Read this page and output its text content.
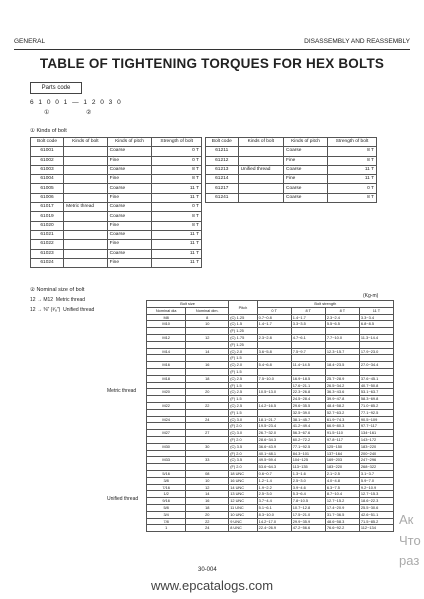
GENERAL	DISASSEMBLY AND REASSEMBLY
TABLE OF TIGHTENING TORQUES FOR HEX BOLTS
Parts code
6 1 0 0 1 — 1 2 0 3 0
①	②
① Kinds of bolt
Bolt code	Kinds of bolt	Kinds of pitch	Strength of bolt
61001		Coarse	0 T
61002		Fine	0 T
61003		Coarse	8 T
61004		Fine	8 T
61005		Coarse	11 T
61006		Fine	11 T
61017	Metric thread	Coarse	0 T
61019		Coarse	8 T
61020		Fine	8 T
61021		Coarse	11 T
61022		Fine	11 T
61023		Coarse	11 T
61024		Fine	11 T
Bolt code	Kinds of bolt	Kinds of pitch	Strength of bolt
61211		Coarse	8 T
61212		Fine	8 T
61213	Unified thread	Coarse	11 T
61214		Fine	11 T
61217		Coarse	0 T
61241		Coarse	8 T
② Nominal size of bolt
12 → M12 Metric thread
12 → ⅜" (³⁄₈") Unified thread
(Kg-m)
Bolt size		Pitch	Bolt strength			
Nominal dia	Nominal dim.		0 T	8 T	8 T	11 T
M8	8	(C) 1.25	0.7~0.8	1.4~1.7	2.3~2.4	3.3~3.4
M10	10	(C) 1.5	1.4~1.7	3.3~3.5	5.5~6.5	6.8~8.5
		(F) 1.25				
M12	12	(C) 1.75	2.3~2.8	4.7~6.1	7.7~10.0	11.3~14.4
		(F) 1.25				
M14	14	(C) 2.0	3.6~5.8	7.5~9.7	12.3~15.7	17.9~23.0
		(F) 1.5				
M16	16	(C) 2.0	5.4~6.8	11.4~14.5	18.4~23.5	27.0~34.4
		(F) 1.5				
M18	18	(C) 2.5	7.5~10.0	16.9~18.5	25.7~28.9	37.6~45.1
		(F) 1.5		17.6~21.1	26.5~34.2	40.7~50.8
M20	20	(C) 2.5	10.5~13.0	22.3~26.8	36.3~43.6	53.1~63.7
		(F) 1.5		24.5~28.4	39.9~47.8	58.3~69.8
M22	22	(C) 2.5	14.2~16.5	29.6~35.5	48.4~58.2	71.0~85.2
		(F) 1.5		32.5~39.0	52.7~63.2	77.1~92.5
M24	24	(C) 3.0	18.1~21.7	38.1~45.7	61.9~74.3	90.5~109
		(F) 2.0	19.5~23.4	41.2~49.4	66.9~80.3	97.7~117
M27	27	(C) 3.0	26.7~32.0	56.3~67.6	91.5~110	134~161
		(F) 2.0	28.6~34.3	60.2~72.2	97.8~117	143~172
M30	30	(C) 3.5	36.6~43.9	77.1~92.5	125~150	183~220
		(F) 2.0	40.1~48.1	84.3~101	137~164	200~240
M33	33	(C) 3.5	49.5~59.4	104~125	169~203	247~296
		(F) 2.0	53.6~64.3	113~135	183~220	268~322
5/16	08	18 UNC	0.6~0.7	1.3~1.6	2.1~2.5	3.1~3.7
3/8	10	16 UNC	1.2~1.4	2.5~3.0	4.0~4.8	5.9~7.0
7/16	12	14 UNC	1.9~2.2	3.9~4.6	6.3~7.5	9.2~10.9
1/2	14	13 UNC	2.5~3.0	5.3~6.4	8.7~10.4	12.7~15.3
9/16	16	12 UNC	3.7~4.4	7.8~10.5	12.7~15.2	18.6~22.3
5/8	18	11 UNC	5.1~6.1	10.7~12.8	17.4~20.9	25.5~30.6
3/4	20	10 UNC	8.3~10.0	17.5~21.0	31.7~36.5	42.6~51.1
7/8	22	9 UNC	14.2~17.0	29.9~35.9	48.6~58.3	71.5~85.2
1	24	8 UNC	22.4~26.9	47.2~56.6	76.6~92.2	112~134
Metric thread
Unified thread
30-004
www.epcatalogs.com
Ак
Что
раз
